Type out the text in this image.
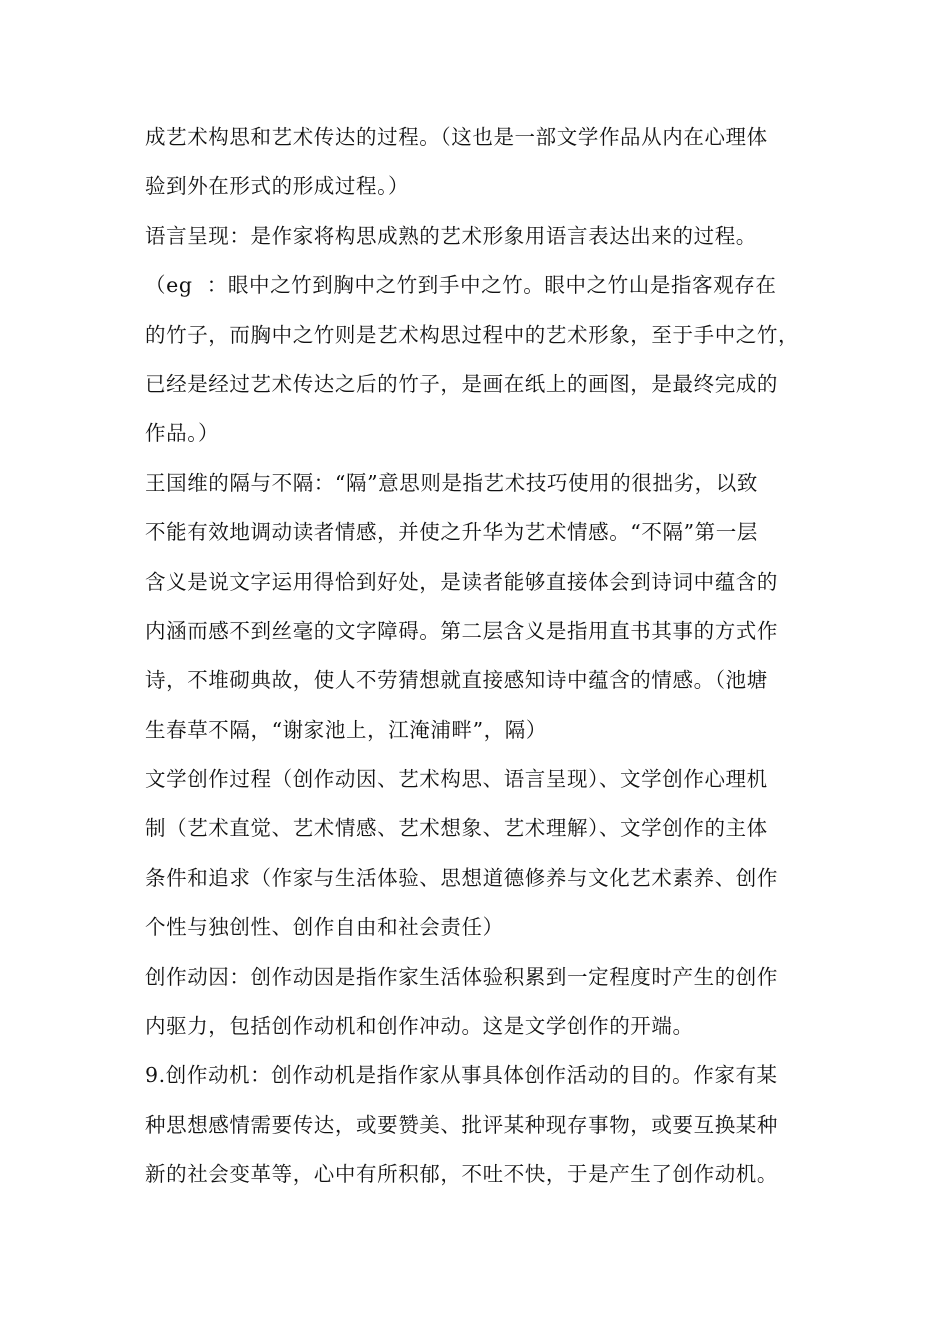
成艺术构思和艺术传达的过程。（这也是一部文学作品从内在心理体
验到外在形式的形成过程。）
语言呈现：是作家将构思成熟的艺术形象用语言表达出来的过程。
（eg  ：眼中之竹到胸中之竹到手中之竹。眼中之竹山是指客观存在
的竹子，而胸中之竹则是艺术构思过程中的艺术形象，至于手中之竹，
已经是经过艺术传达之后的竹子，是画在纸上的画图，是最终完成的
作品。）
王国维的隔与不隔：“隔”意思则是指艺术技巧使用的很拙劣，以致
不能有效地调动读者情感，并使之升华为艺术情感。“不隔”第一层
含义是说文字运用得恰到好处，是读者能够直接体会到诗词中蕴含的
内涵而感不到丝毫的文字障碍。第二层含义是指用直书其事的方式作
诗，不堆砌典故，使人不劳猜想就直接感知诗中蕴含的情感。（池塘
生春草不隔，“谢家池上，江淹浦畔”，隔）
文学创作过程（创作动因、艺术构思、语言呈现）、文学创作心理机
制（艺术直觉、艺术情感、艺术想象、艺术理解）、文学创作的主体
条件和追求（作家与生活体验、思想道德修养与文化艺术素养、创作
个性与独创性、创作自由和社会责任）
创作动因：创作动因是指作家生活体验积累到一定程度时产生的创作
内驱力，包括创作动机和创作冲动。这是文学创作的开端。
9.创作动机：创作动机是指作家从事具体创作活动的目的。作家有某
种思想感情需要传达，或要赞美、批评某种现存事物，或要互换某种
新的社会变革等，心中有所积郁，不吐不快，于是产生了创作动机。
